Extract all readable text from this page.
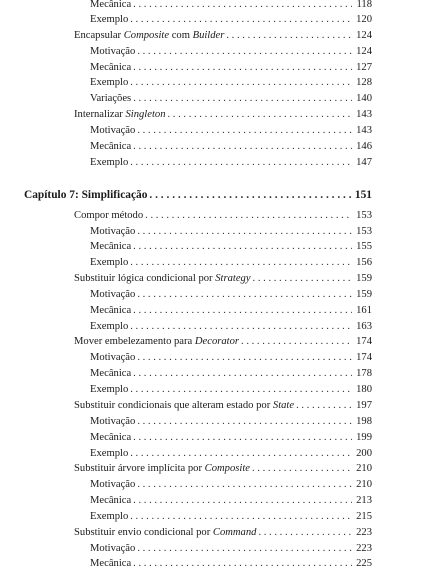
Mecânica . . .	118
Exemplo . . .	120
Encapsular Composite com Builder . . .	124
Motivação . . .	124
Mecânica . . .	127
Exemplo . . .	128
Variações . . .	140
Internalizar Singleton . . .	143
Motivação . . .	143
Mecânica . . .	146
Exemplo . . .	147
Capítulo 7: Simplificação . . .	151
Compor método . . .	153
Motivação . . .	153
Mecânica . . .	155
Exemplo . . .	156
Substituir lógica condicional por Strategy . . .	159
Motivação . . .	159
Mecânica . . .	161
Exemplo . . .	163
Mover embelezamento para Decorator . . .	174
Motivação . . .	174
Mecânica . . .	178
Exemplo . . .	180
Substituir condicionais que alteram estado por State . . .	197
Motivação . . .	198
Mecânica . . .	199
Exemplo . . .	200
Substituir árvore implícita por Composite . . .	210
Motivação . . .	210
Mecânica . . .	213
Exemplo . . .	215
Substituir envio condicional por Command . . .	223
Motivação . . .	223
Mecânica . . .	225
